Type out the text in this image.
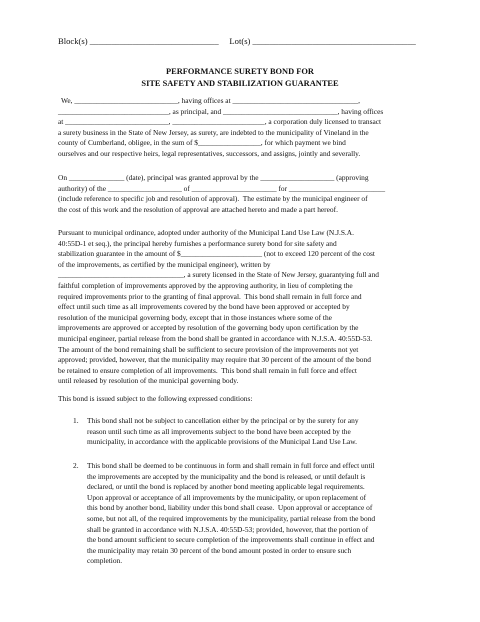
Block(s) ______________________________     Lot(s) ______________________________________
PERFORMANCE SURETY BOND FOR
SITE SAFETY AND STABILIZATION GUARANTEE
We, ____________________________, having offices at __________________________________,
______________________________, as principal, and _______________________________, having offices
at ____________________________, _________________________, a corporation duly licensed to transact
a surety business in the State of New Jersey, as surety, are indebted to the municipality of Vineland in the
county of Cumberland, obligee, in the sum of $_________________, for which payment we bind
ourselves and our respective heirs, legal representatives, successors, and assigns, jointly and severally.
On _______________ (date), principal was granted approval by the ____________________ (approving
authority) of the ____________________ of _______________________ for __________________________
(include reference to specific job and resolution of approval).  The estimate by the municipal engineer of
the cost of this work and the resolution of approval are attached hereto and made a part hereof.
Pursuant to municipal ordinance, adopted under authority of the Municipal Land Use Law (N.J.S.A.
40:55D-1 et seq.), the principal hereby furnishes a performance surety bond for site safety and
stabilization guarantee in the amount of $______________________ (not to exceed 120 percent of the cost
of the improvements, as certified by the municipal engineer), written by
__________________________________, a surety licensed in the State of New Jersey, guarantying full and
faithful completion of improvements approved by the approving authority, in lieu of completing the
required improvements prior to the granting of final approval.  This bond shall remain in full force and
effect until such time as all improvements covered by the bond have been approved or accepted by
resolution of the municipal governing body, except that in those instances where some of the
improvements are approved or accepted by resolution of the governing body upon certification by the
municipal engineer, partial release from the bond shall be granted in accordance with N.J.S.A. 40:55D-53.
The amount of the bond remaining shall be sufficient to secure provision of the improvements not yet
approved; provided, however, that the municipality may require that 30 percent of the amount of the bond
be retained to ensure completion of all improvements.  This bond shall remain in full force and effect
until released by resolution of the municipal governing body.
This bond is issued subject to the following expressed conditions:
1. This bond shall not be subject to cancellation either by the principal or by the surety for any
reason until such time as all improvements subject to the bond have been accepted by the
municipality, in accordance with the applicable provisions of the Municipal Land Use Law.
2. This bond shall be deemed to be continuous in form and shall remain in full force and effect until
the improvements are accepted by the municipality and the bond is released, or until default is
declared, or until the bond is replaced by another bond meeting applicable legal requirements.
Upon approval or acceptance of all improvements by the municipality, or upon replacement of
this bond by another bond, liability under this bond shall cease.  Upon approval or acceptance of
some, but not all, of the required improvements by the municipality, partial release from the bond
shall be granted in accordance with N.J.S.A. 40:55D-53; provided, however, that the portion of
the bond amount sufficient to secure completion of the improvements shall continue in effect and
the municipality may retain 30 percent of the bond amount posted in order to ensure such
completion.
